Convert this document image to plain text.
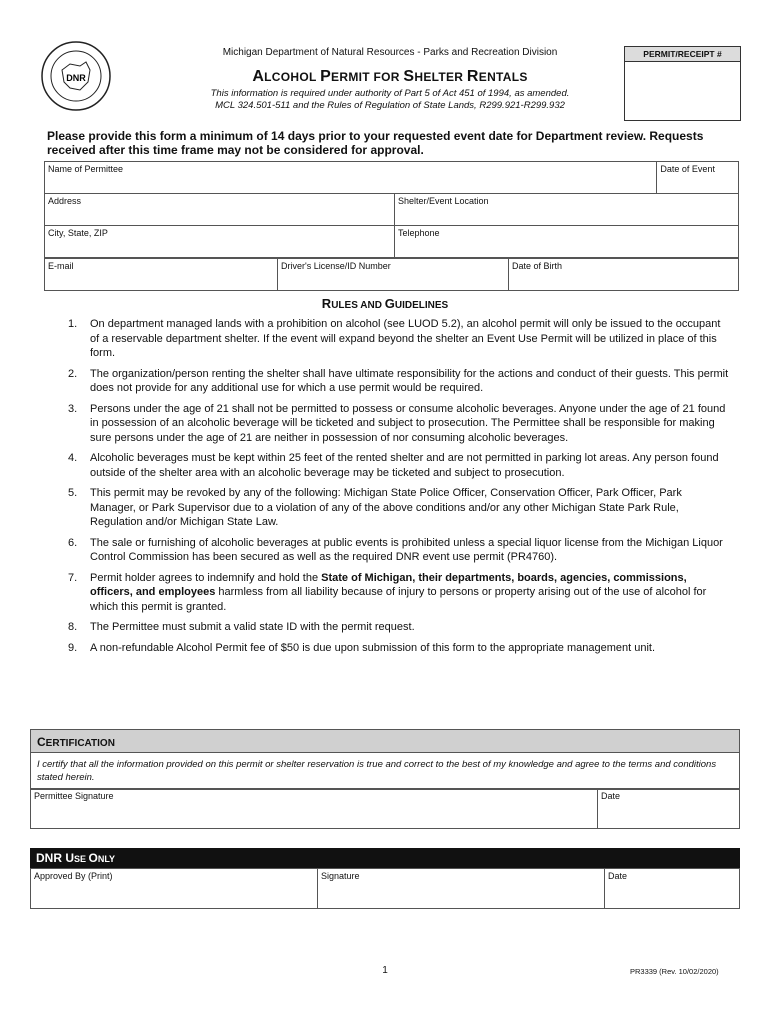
DNR
Michigan Department of Natural Resources - Parks and Recreation Division
ALCOHOL PERMIT FOR SHELTER RENTALS
This information is required under authority of Part 5 of Act 451 of 1994, as amended.
MCL 324.501-511 and the Rules of Regulation of State Lands, R299.921-R299.932
PERMIT/RECEIPT #
Please provide this form a minimum of 14 days prior to your requested event date for Department review. Requests received after this time frame may not be considered for approval.
Name of Permittee	Date of Event
Address	Shelter/Event Location
City, State, ZIP	Telephone
E-mail	Driver's License/ID Number	Date of Birth
RULES AND GUIDELINES
1. On department managed lands with a prohibition on alcohol (see LUOD 5.2), an alcohol permit will only be issued to the occupant of a reservable department shelter. If the event will expand beyond the shelter an Event Use Permit will be utilized in place of this form.
2. The organization/person renting the shelter shall have ultimate responsibility for the actions and conduct of their guests. This permit does not provide for any additional use for which a use permit would be required.
3. Persons under the age of 21 shall not be permitted to possess or consume alcoholic beverages. Anyone under the age of 21 found in possession of an alcoholic beverage will be ticketed and subject to prosecution. The Permittee shall be responsible for making sure persons under the age of 21 are neither in possession of nor consuming alcoholic beverages.
4. Alcoholic beverages must be kept within 25 feet of the rented shelter and are not permitted in parking lot areas. Any person found outside of the shelter area with an alcoholic beverage may be ticketed and subject to prosecution.
5. This permit may be revoked by any of the following: Michigan State Police Officer, Conservation Officer, Park Officer, Park Manager, or Park Supervisor due to a violation of any of the above conditions and/or any other Michigan State Park Rule, Regulation and/or Michigan State Law.
6. The sale or furnishing of alcoholic beverages at public events is prohibited unless a special liquor license from the Michigan Liquor Control Commission has been secured as well as the required DNR event use permit (PR4760).
7. Permit holder agrees to indemnify and hold the State of Michigan, their departments, boards, agencies, commissions, officers, and employees harmless from all liability because of injury to persons or property arising out of the use of alcohol for which this permit is granted.
8. The Permittee must submit a valid state ID with the permit request.
9. A non-refundable Alcohol Permit fee of $50 is due upon submission of this form to the appropriate management unit.
CERTIFICATION
I certify that all the information provided on this permit or shelter reservation is true and correct to the best of my knowledge and agree to the terms and conditions stated herein.
Permittee Signature	Date
DNR USE ONLY
Approved By (Print)	Signature	Date
1	PR3339 (Rev. 10/02/2020)
